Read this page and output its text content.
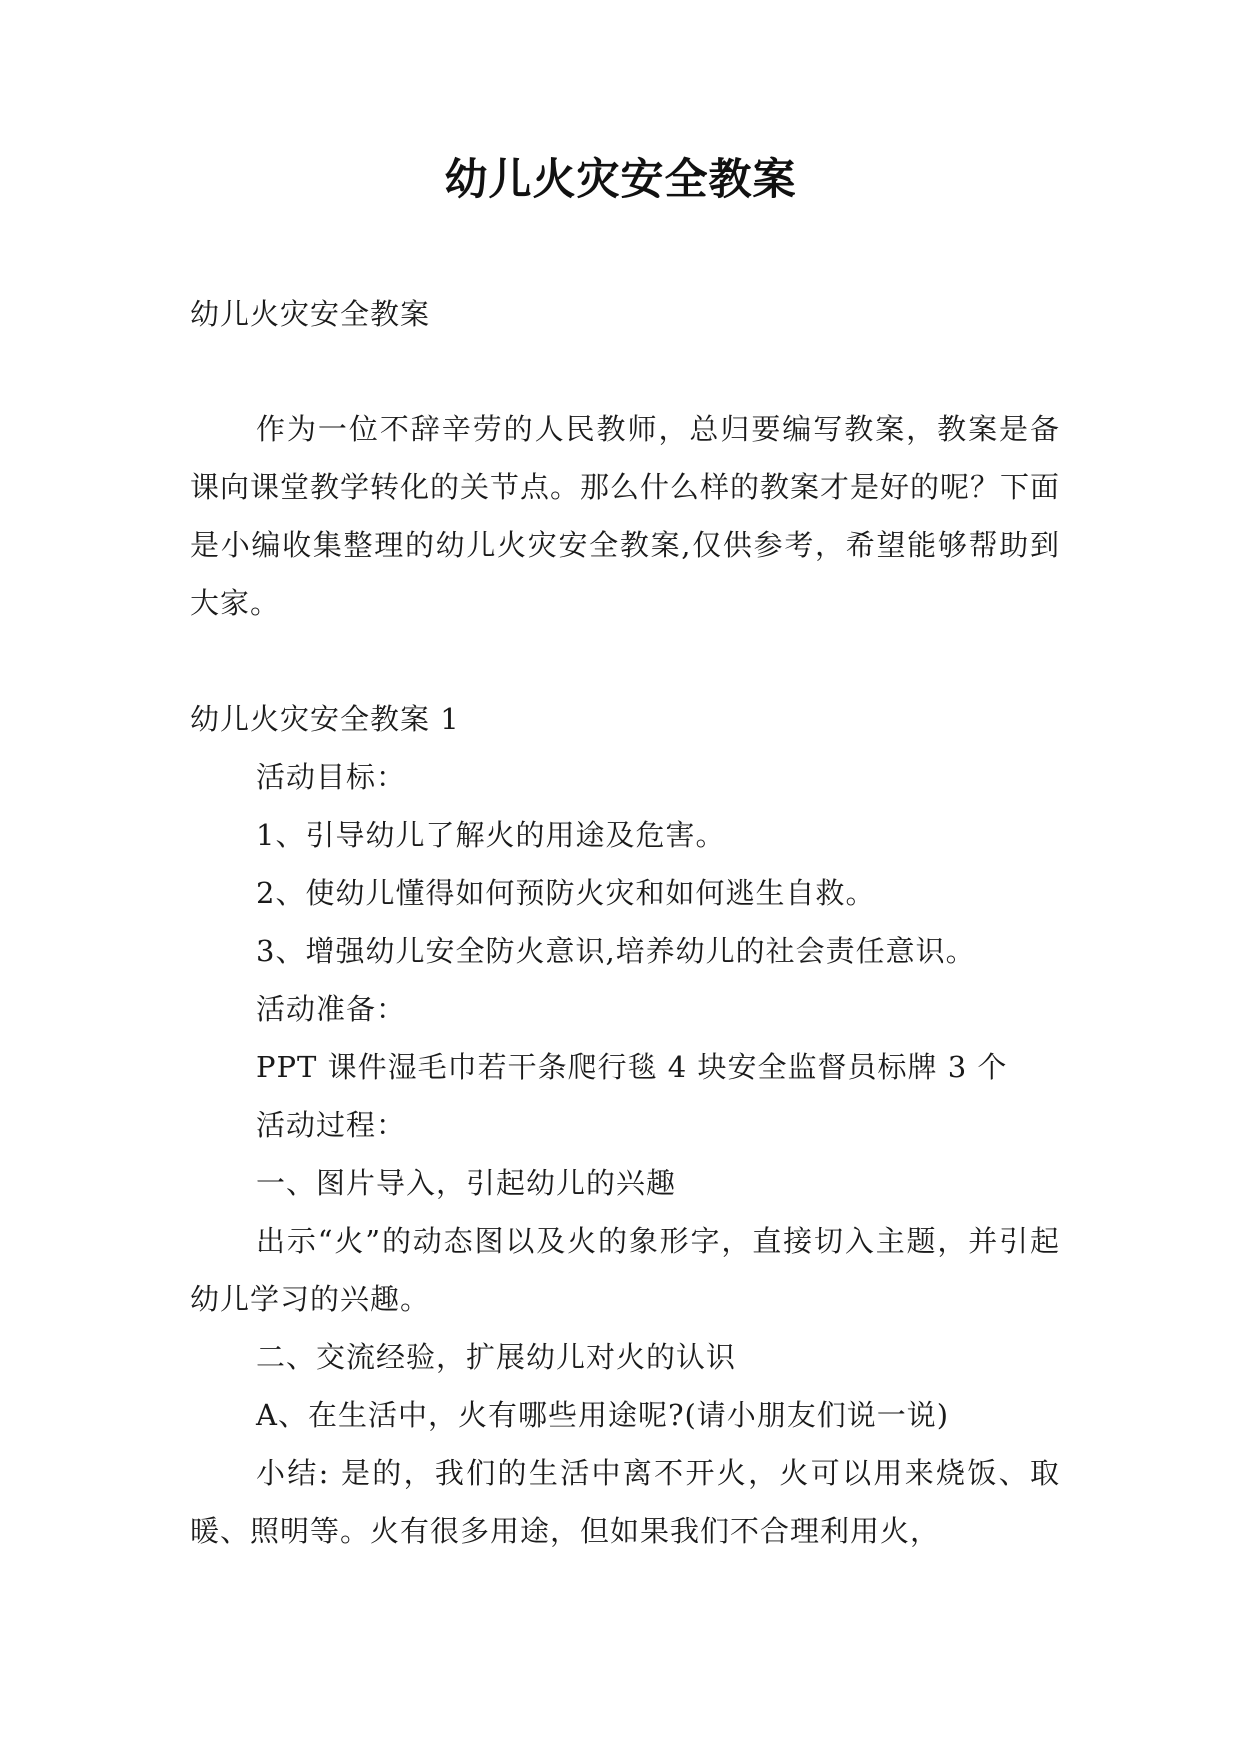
幼儿火灾安全教案
幼儿火灾安全教案
作为一位不辞辛劳的人民教师，总归要编写教案，教案是备课向课堂教学转化的关节点。那么什么样的教案才是好的呢？下面是小编收集整理的幼儿火灾安全教案,仅供参考，希望能够帮助到大家。
幼儿火灾安全教案 1
活动目标：
1、引导幼儿了解火的用途及危害。
2、使幼儿懂得如何预防火灾和如何逃生自救。
3、增强幼儿安全防火意识,培养幼儿的社会责任意识。
活动准备：
PPT 课件湿毛巾若干条爬行毯 4 块安全监督员标牌 3 个
活动过程：
一、图片导入，引起幼儿的兴趣
出示“火”的动态图以及火的象形字，直接切入主题，并引起幼儿学习的兴趣。
二、交流经验，扩展幼儿对火的认识
A、在生活中，火有哪些用途呢?(请小朋友们说一说)
小结: 是的，我们的生活中离不开火，火可以用来烧饭、取暖、照明等。火有很多用途，但如果我们不合理利用火，
